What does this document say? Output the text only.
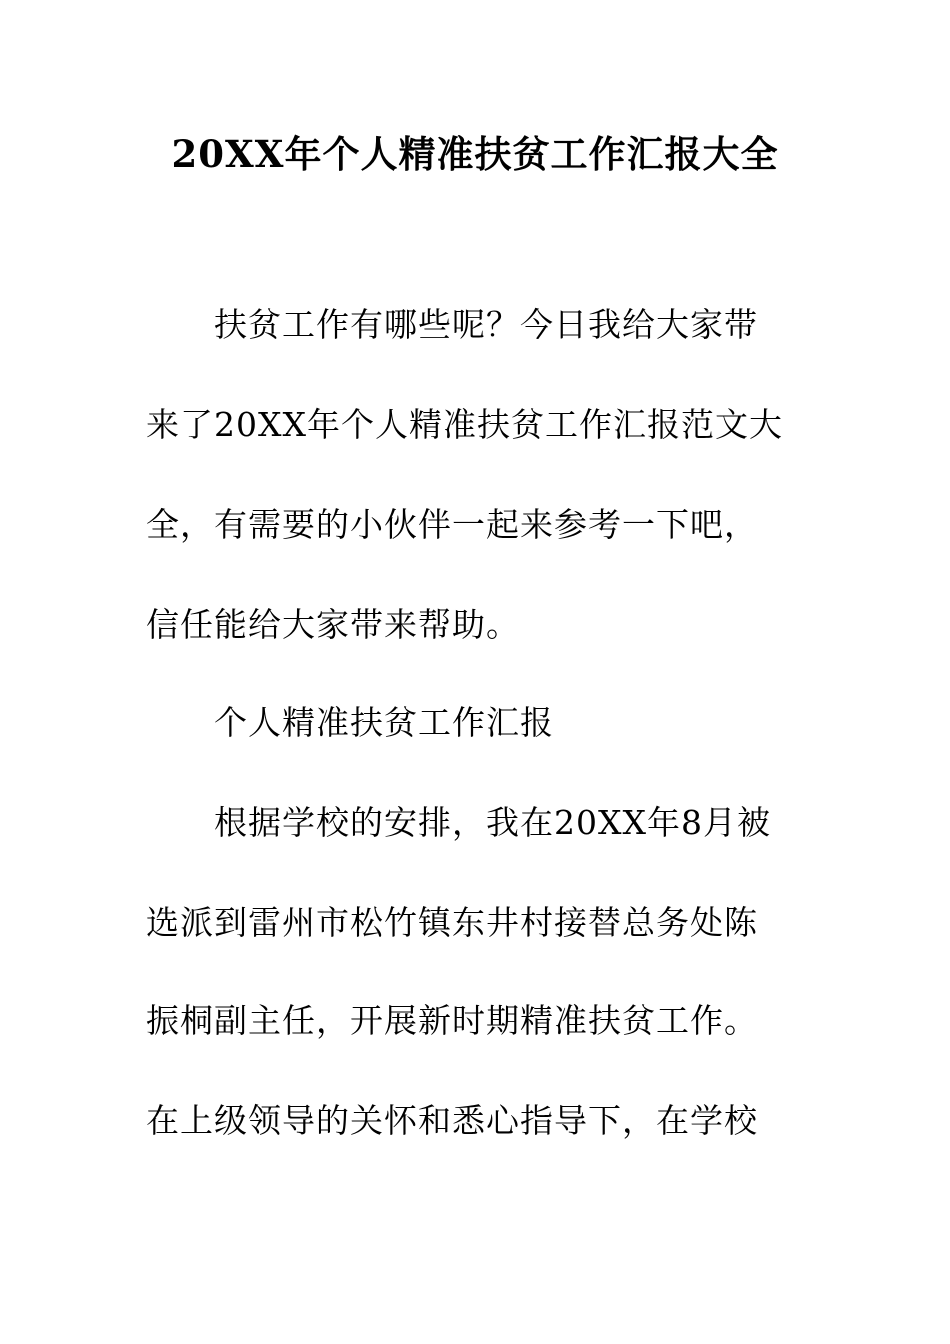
20XX年个人精准扶贫工作汇报大全
扶贫工作有哪些呢？今日我给大家带
来了20XX年个人精准扶贫工作汇报范文大
全，有需要的小伙伴一起来参考一下吧，
信任能给大家带来帮助。
个人精准扶贫工作汇报
根据学校的安排，我在20XX年8月被
选派到雷州市松竹镇东井村接替总务处陈
振桐副主任，开展新时期精准扶贫工作。
在上级领导的关怀和悉心指导下，在学校
